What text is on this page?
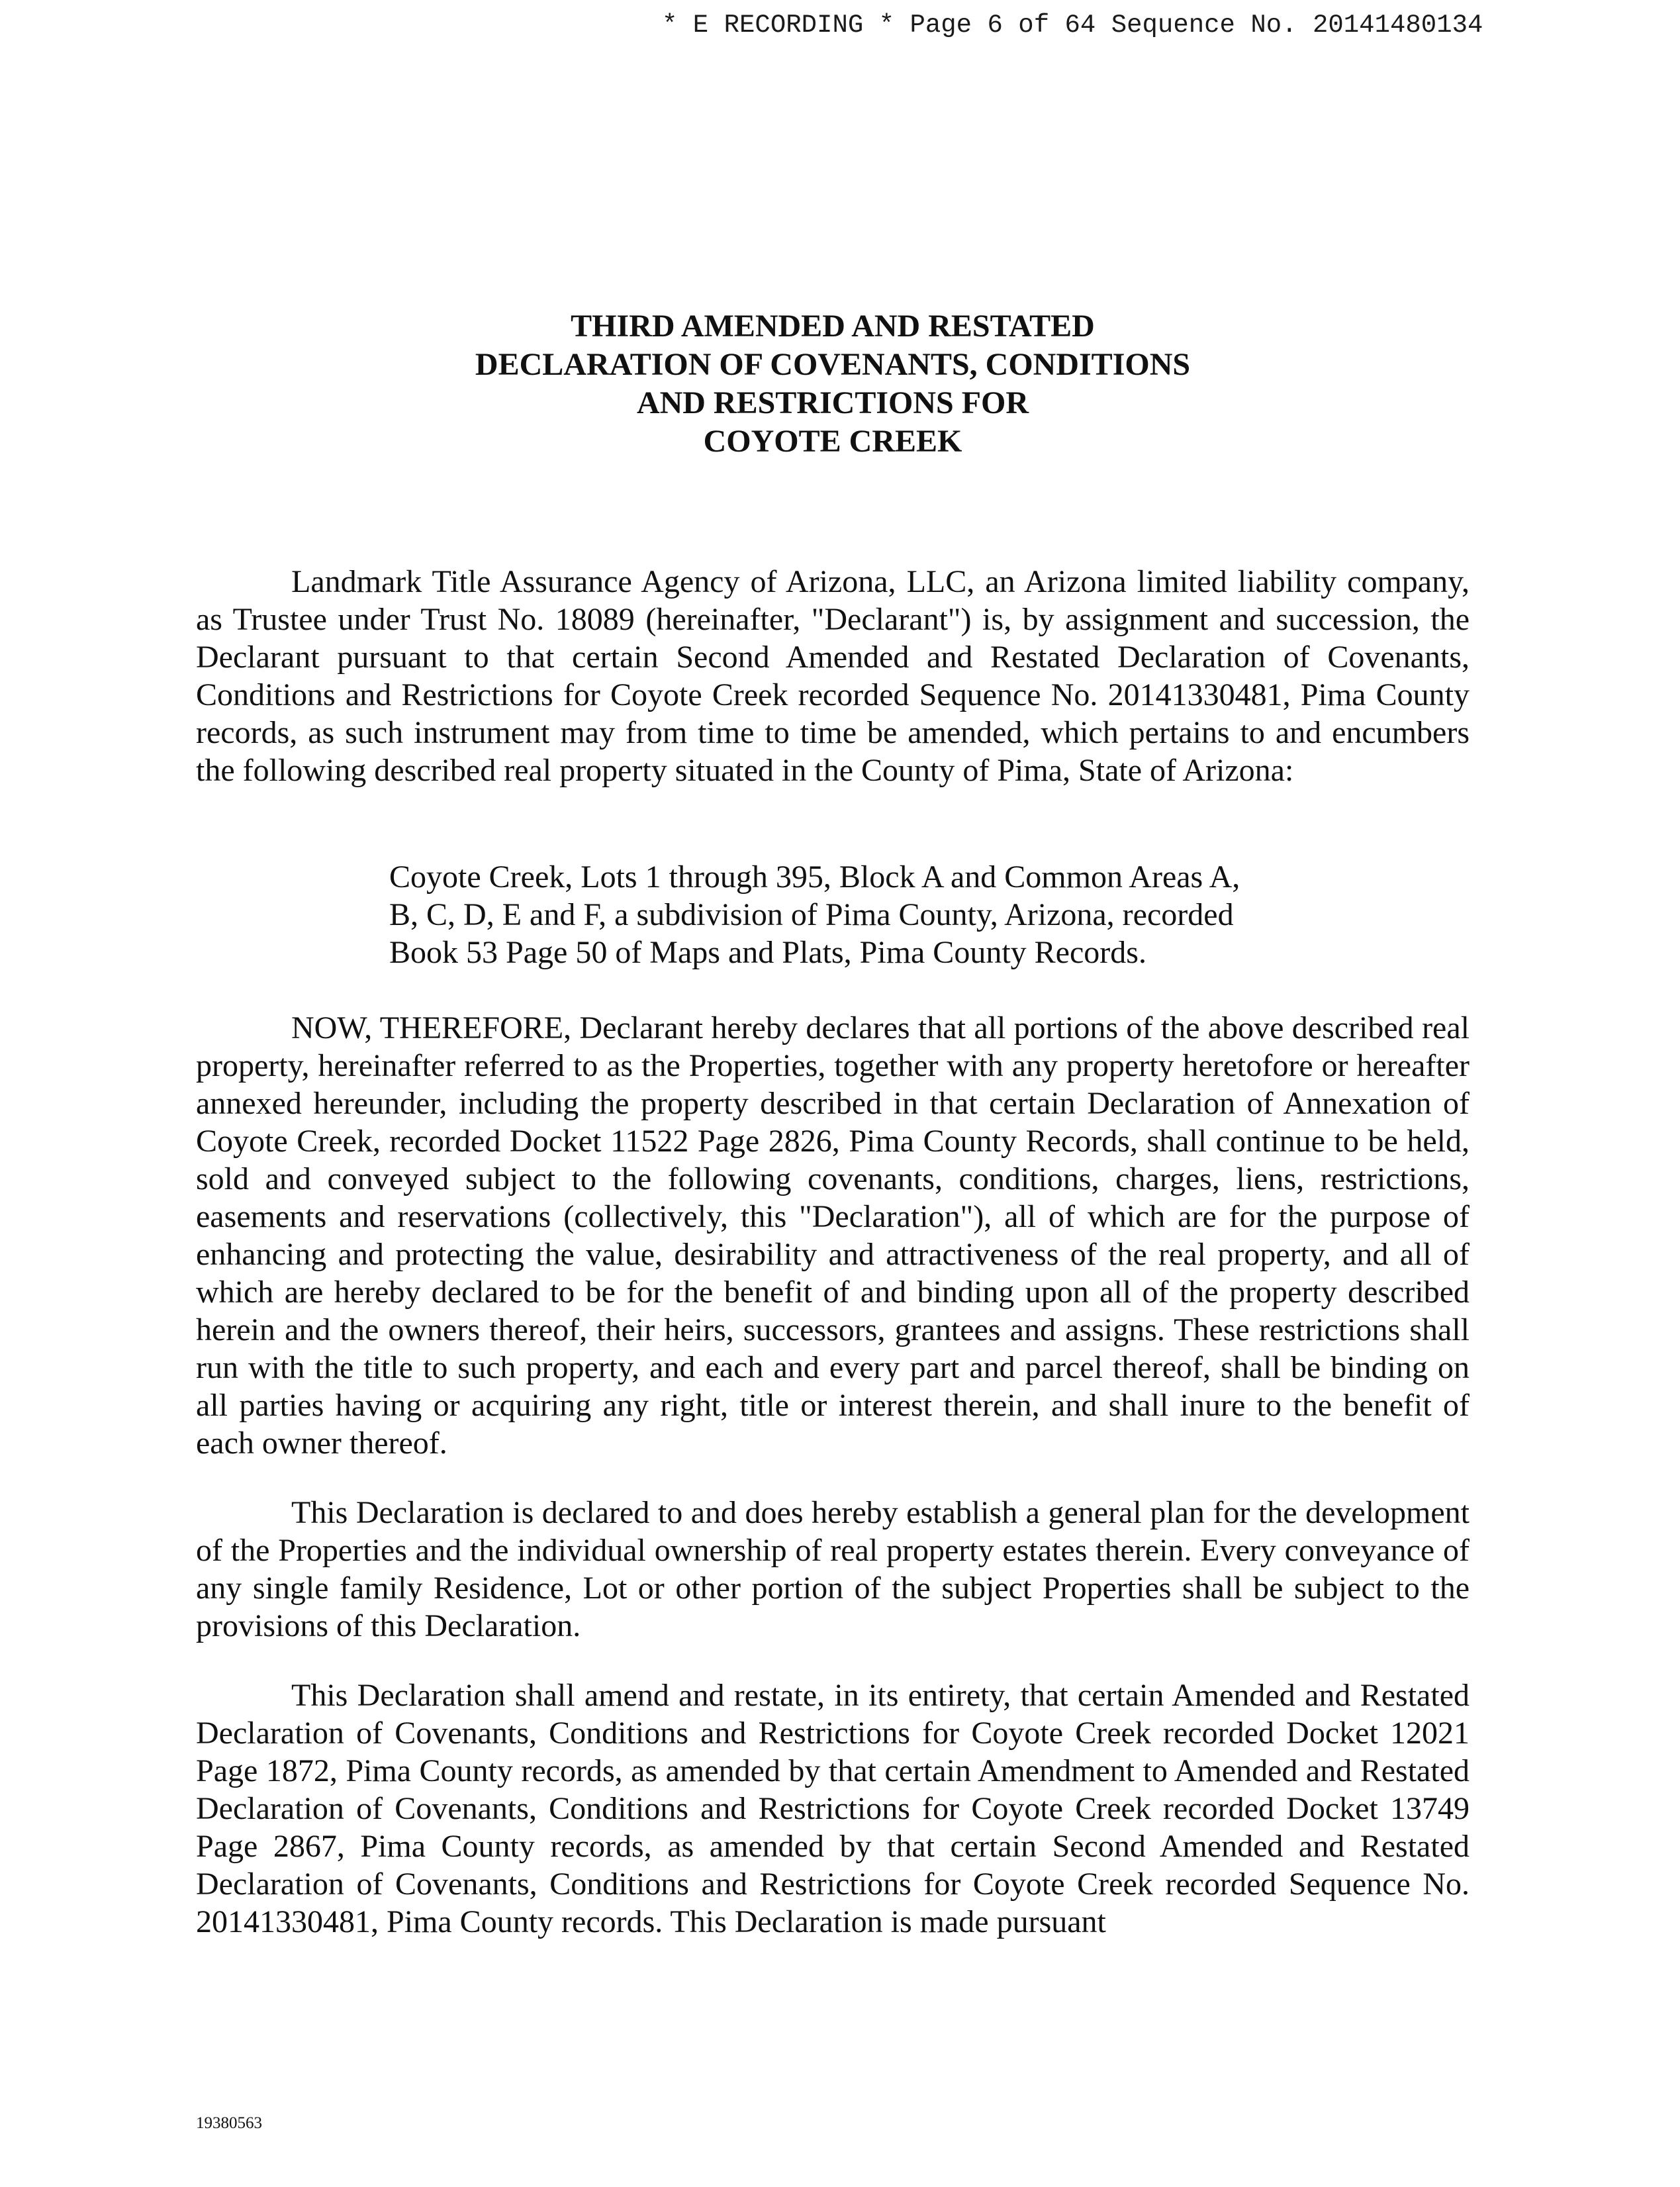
* E RECORDING * Page 6 of 64 Sequence No. 20141480134
THIRD AMENDED AND RESTATED
DECLARATION OF COVENANTS, CONDITIONS
AND RESTRICTIONS FOR
COYOTE CREEK

Landmark Title Assurance Agency of Arizona, LLC, an Arizona limited liability company, as Trustee under Trust No. 18089 (hereinafter, "Declarant") is, by assignment and succession, the Declarant pursuant to that certain Second Amended and Restated Declaration of Covenants, Conditions and Restrictions for Coyote Creek recorded Sequence No. 20141330481, Pima County records, as such instrument may from time to time be amended, which pertains to and encumbers the following described real property situated in the County of Pima, State of Arizona:

Coyote Creek, Lots 1 through 395, Block A and Common Areas A,
B, C, D, E and F, a subdivision of Pima County, Arizona, recorded
Book 53 Page 50 of Maps and Plats, Pima County Records.

NOW, THEREFORE, Declarant hereby declares that all portions of the above described real property, hereinafter referred to as the Properties, together with any property heretofore or hereafter annexed hereunder, including the property described in that certain Declaration of Annexation of Coyote Creek, recorded Docket 11522 Page 2826, Pima County Records, shall continue to be held, sold and conveyed subject to the following covenants, conditions, charges, liens, restrictions, easements and reservations (collectively, this "Declaration"), all of which are for the purpose of enhancing and protecting the value, desirability and attractiveness of the real property, and all of which are hereby declared to be for the benefit of and binding upon all of the property described herein and the owners thereof, their heirs, successors, grantees and assigns. These restrictions shall run with the title to such property, and each and every part and parcel thereof, shall be binding on all parties having or acquiring any right, title or interest therein, and shall inure to the benefit of each owner thereof.

This Declaration is declared to and does hereby establish a general plan for the development of the Properties and the individual ownership of real property estates therein. Every conveyance of any single family Residence, Lot or other portion of the subject Properties shall be subject to the provisions of this Declaration.

This Declaration shall amend and restate, in its entirety, that certain Amended and Restated Declaration of Covenants, Conditions and Restrictions for Coyote Creek recorded Docket 12021 Page 1872, Pima County records, as amended by that certain Amendment to Amended and Restated Declaration of Covenants, Conditions and Restrictions for Coyote Creek recorded Docket 13749 Page 2867, Pima County records, as amended by that certain Second Amended and Restated Declaration of Covenants, Conditions and Restrictions for Coyote Creek recorded Sequence No. 20141330481, Pima County records. This Declaration is made pursuant

19380563
